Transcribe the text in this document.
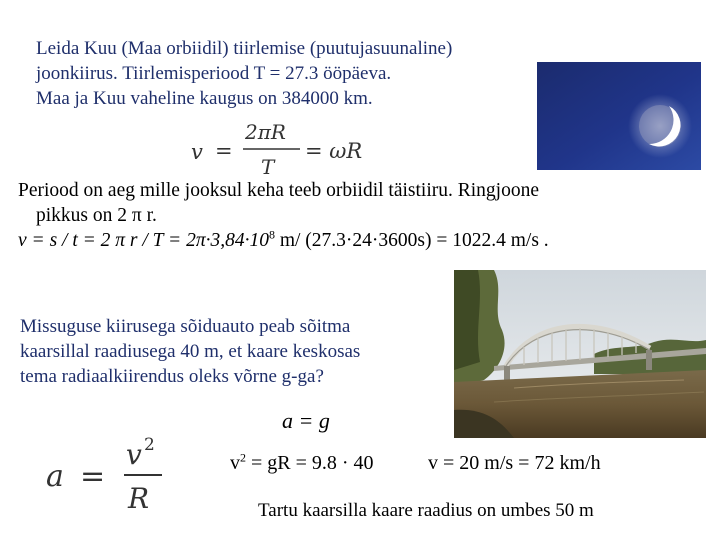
Leida Kuu (Maa orbiidil) tiirlemise (puutujasuunaline)
joonkiirus. Tiirlemisperiood T = 27.3 ööpäeva.
Maa ja Kuu vaheline kaugus on 384000 km.
v =
2πR
T
= ωR
Periood on aeg mille jooksul keha teeb orbiidil täistiiru. Ringjoone
pikkus on 2 π r.
v = s / t = 2 π $r / T = 2\pi\cdot 3,84\cdot 10^8$ m/ (27.3·24·3600s) = 1022.4 m/s .
Missuguse kiirusega sõiduauto peab sõitma
kaarsillal raadiusega 40 m, et kaare keskosas
tema radiaalkiirendus oleks võrne g-ga?
a = g
a =
v 2
R
$v^2$ = gR = 9.8 · 40	v = 20 m/s = 72 km/h
Tartu kaarsilla kaare raadius on umbes 50 m
